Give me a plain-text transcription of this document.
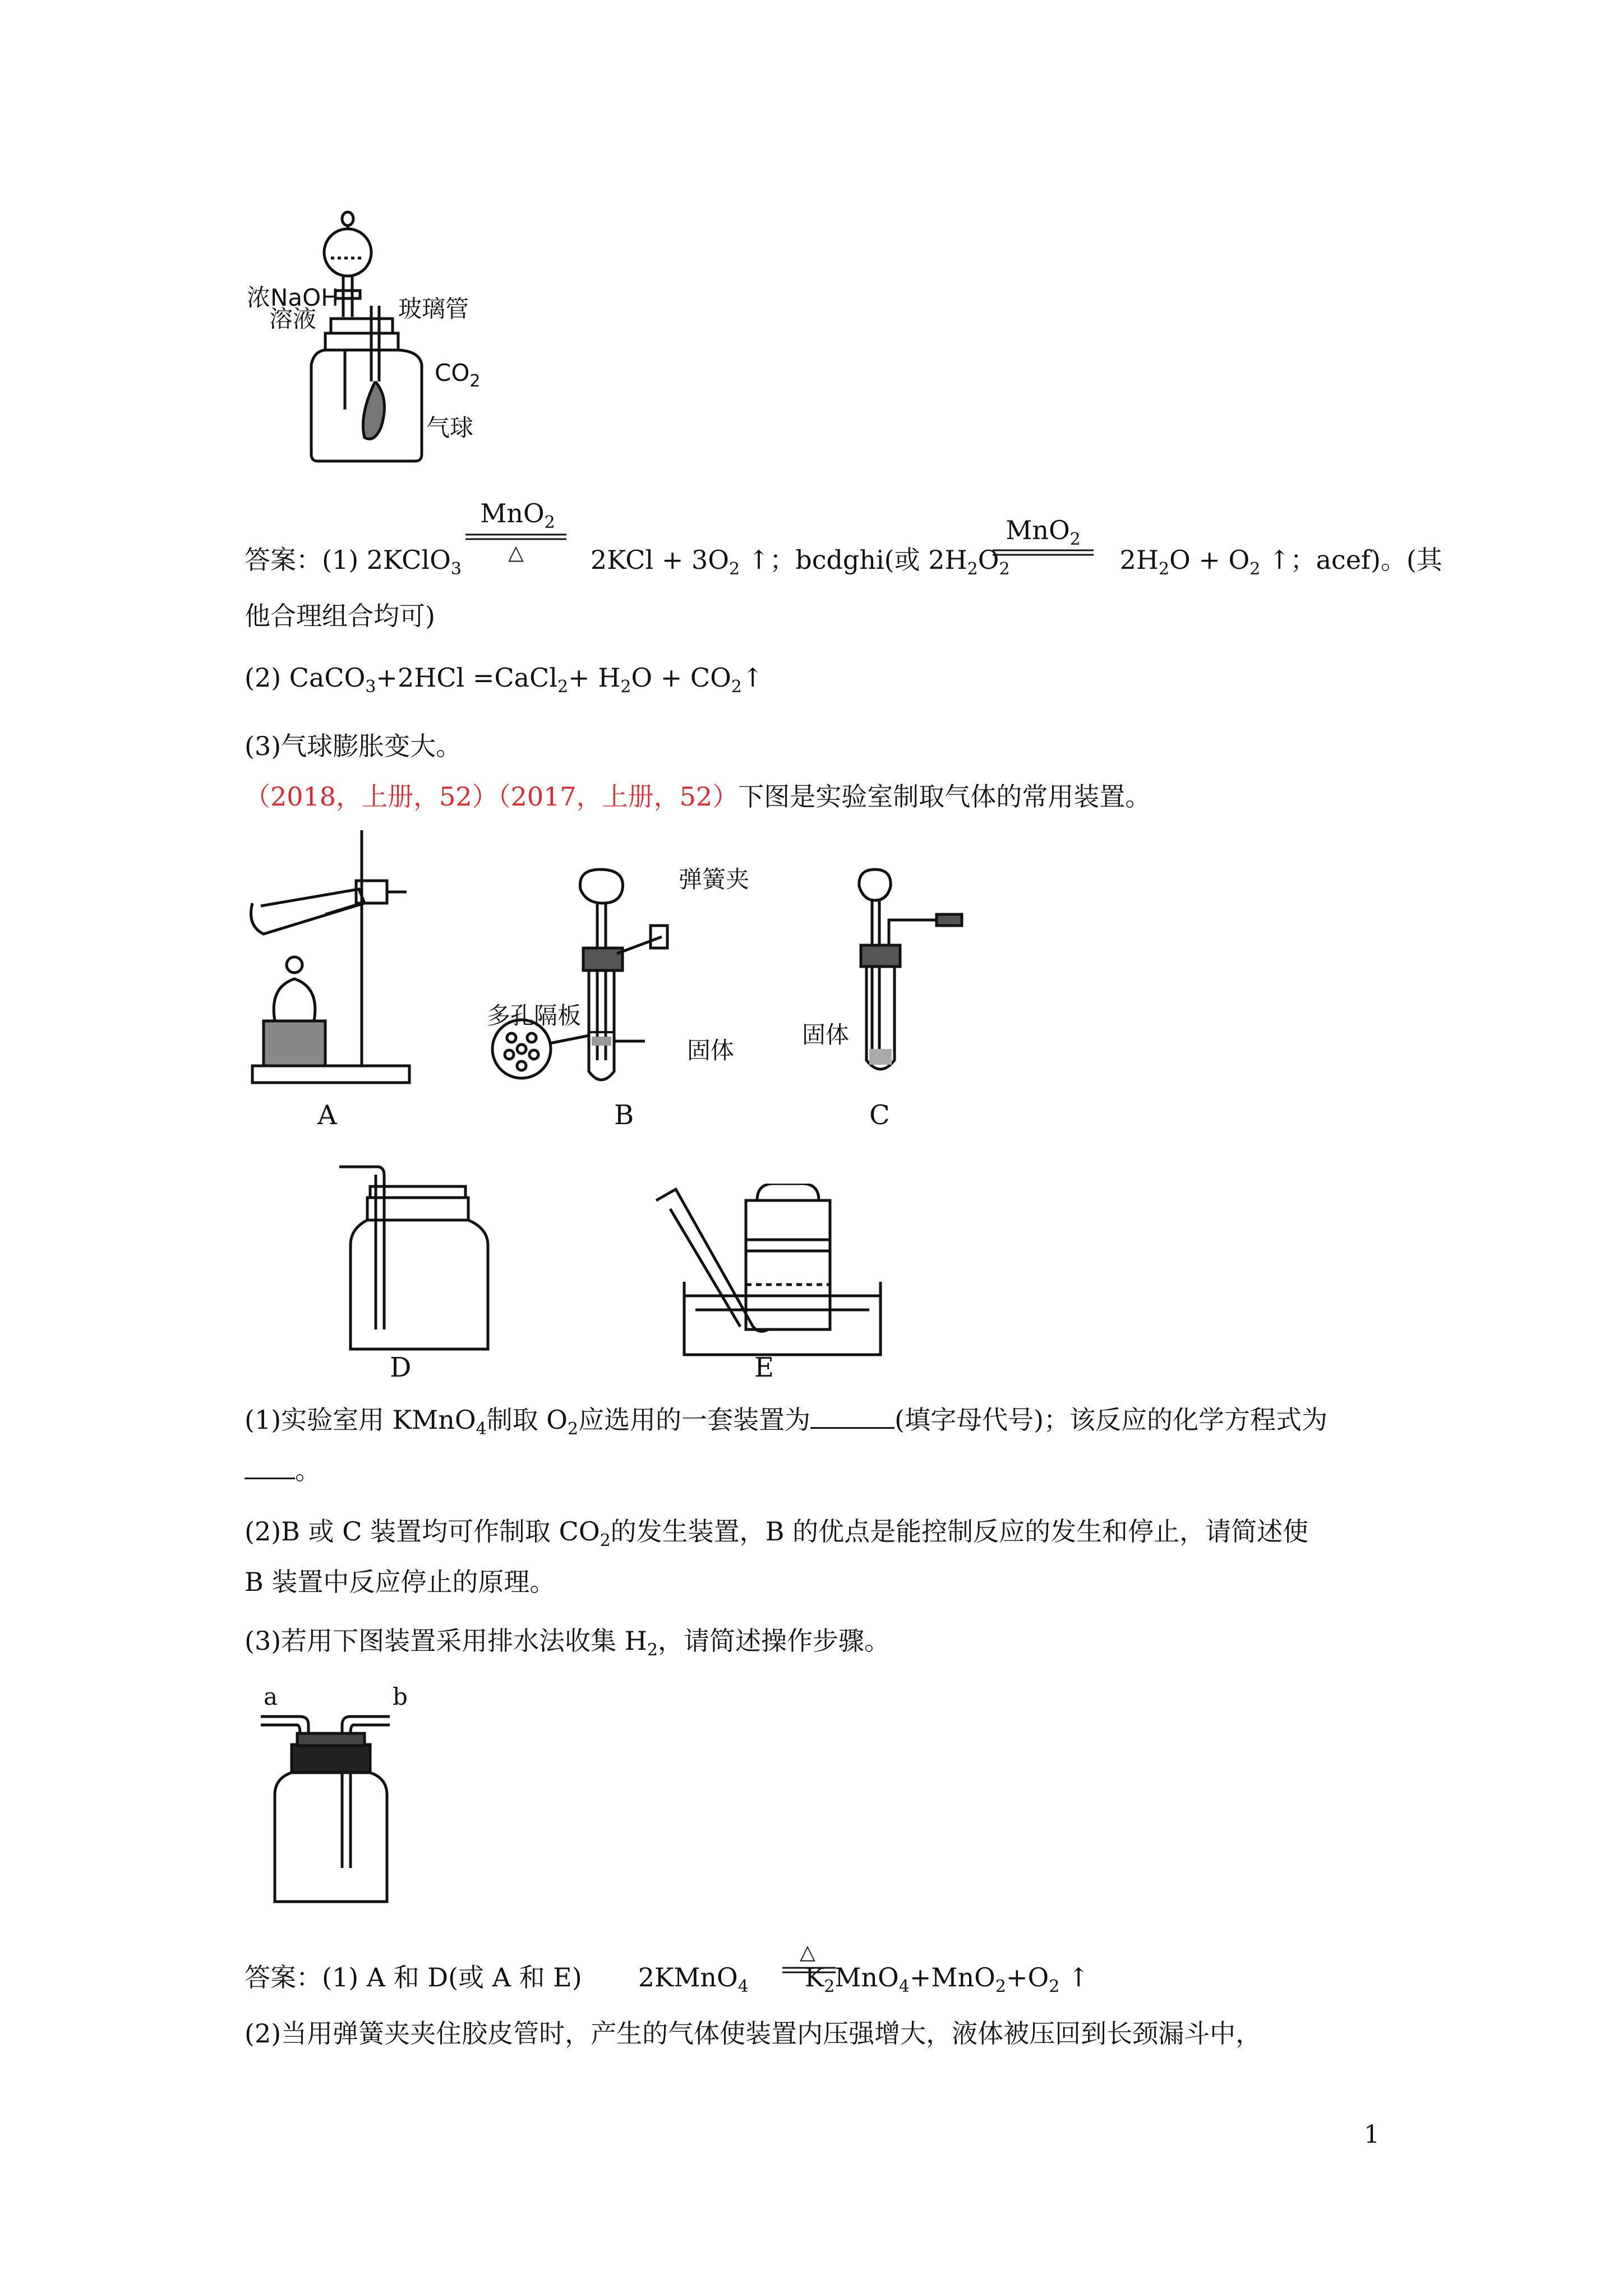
浓NaOH
溶液	玻璃管
$CO_2$
气球
MnO$_2$
△
MnO$_2$
答案：(1) 2KClO$_3$	$2KCl + 3O_2$ ↑；bcdghi(或 $2H_2O_2$	$2H_2O + O_2$ ↑；acef)。(其
他合理组合均可)
(2) CaCO$_3$+2HCl =CaCl$_2$+ $H_2O$ + $CO_2↑$
(3)气球膨胀变大。
（2018，上册，52）（2017，上册，52）下图是实验室制取气体的常用装置。
A
弹簧夹
多孔隔板
固体
B
固体
C
D	E
(1)实验室用 KMnO$_4$制取 $O_2$应选用的一套装置为	(填字母代号)；该反应的化学方程式为
。
(2)B 或 C 装置均可作制取 $CO_2$的发生装置，B 的优点是能控制反应的发生和停止，请简述使
B 装置中反应停止的原理。
(3)若用下图装置采用排水法收集 $H_2$，请简述操作步骤。
a	b
△
答案：(1) A 和 D(或 A 和 E) 2KMnO$_4$ $K_2MnO_4+MnO_2+O_2$ ↑
(2)当用弹簧夹夹住胶皮管时，产生的气体使装置内压强增大，液体被压回到长颈漏斗中，
1
